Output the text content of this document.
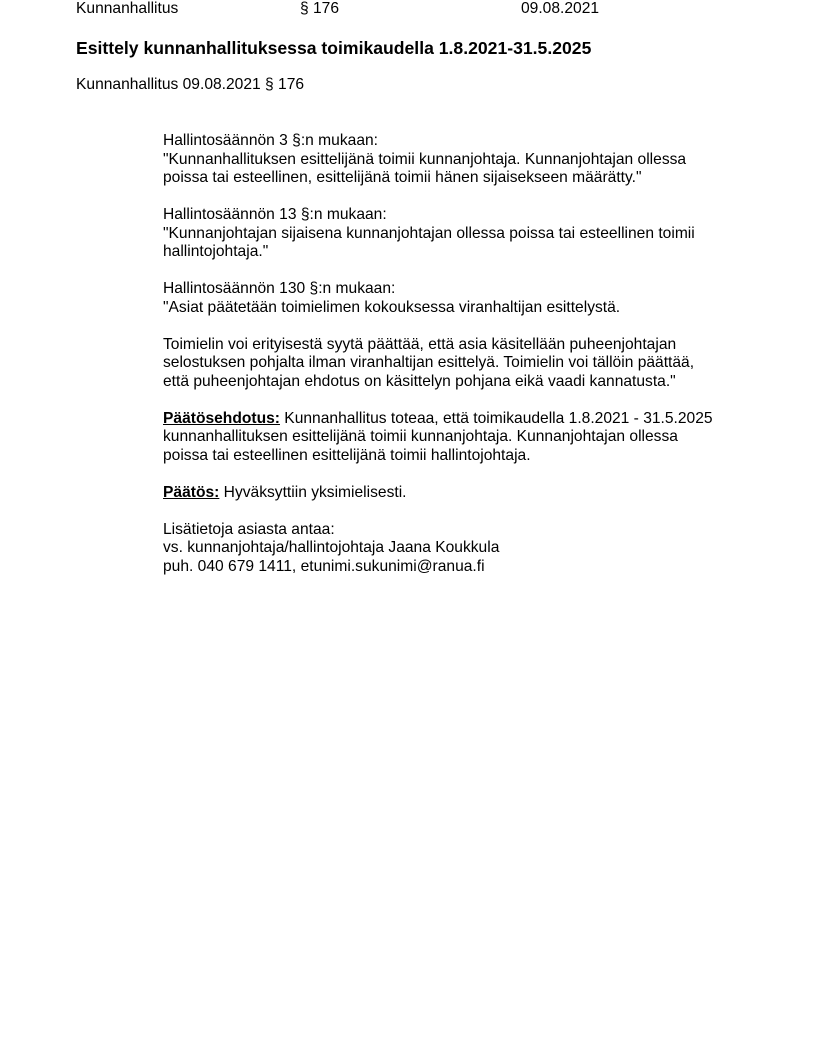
Kunnanhallitus	§ 176	09.08.2021
Esittely kunnanhallituksessa toimikaudella 1.8.2021-31.5.2025

Kunnanhallitus 09.08.2021 § 176

Hallintosäännön 3 §:n mukaan:
"Kunnanhallituksen esittelijänä toimii kunnanjohtaja. Kunnanjohtajan ollessa
poissa tai esteellinen, esittelijänä toimii hänen sijaisekseen määrätty."

Hallintosäännön 13 §:n mukaan:
"Kunnanjohtajan sijaisena kunnanjohtajan ollessa poissa tai esteellinen toimii
hallintojohtaja."

Hallintosäännön 130 §:n mukaan:
"Asiat päätetään toimielimen kokouksessa viranhaltijan esittelystä.

Toimielin voi erityisestä syytä päättää, että asia käsitellään puheenjohtajan
selostuksen pohjalta ilman viranhaltijan esittelyä. Toimielin voi tällöin päättää,
että puheenjohtajan ehdotus on käsittelyn pohjana eikä vaadi kannatusta."

Päätösehdotus: Kunnanhallitus toteaa, että toimikaudella 1.8.2021 - 31.5.2025
kunnanhallituksen esittelijänä toimii kunnanjohtaja. Kunnanjohtajan ollessa
poissa tai esteellinen esittelijänä toimii hallintojohtaja.

Päätös: Hyväksyttiin yksimielisesti.

Lisätietoja asiasta antaa:
vs. kunnanjohtaja/hallintojohtaja Jaana Koukkula
puh. 040 679 1411, etunimi.sukunimi@ranua.fi
